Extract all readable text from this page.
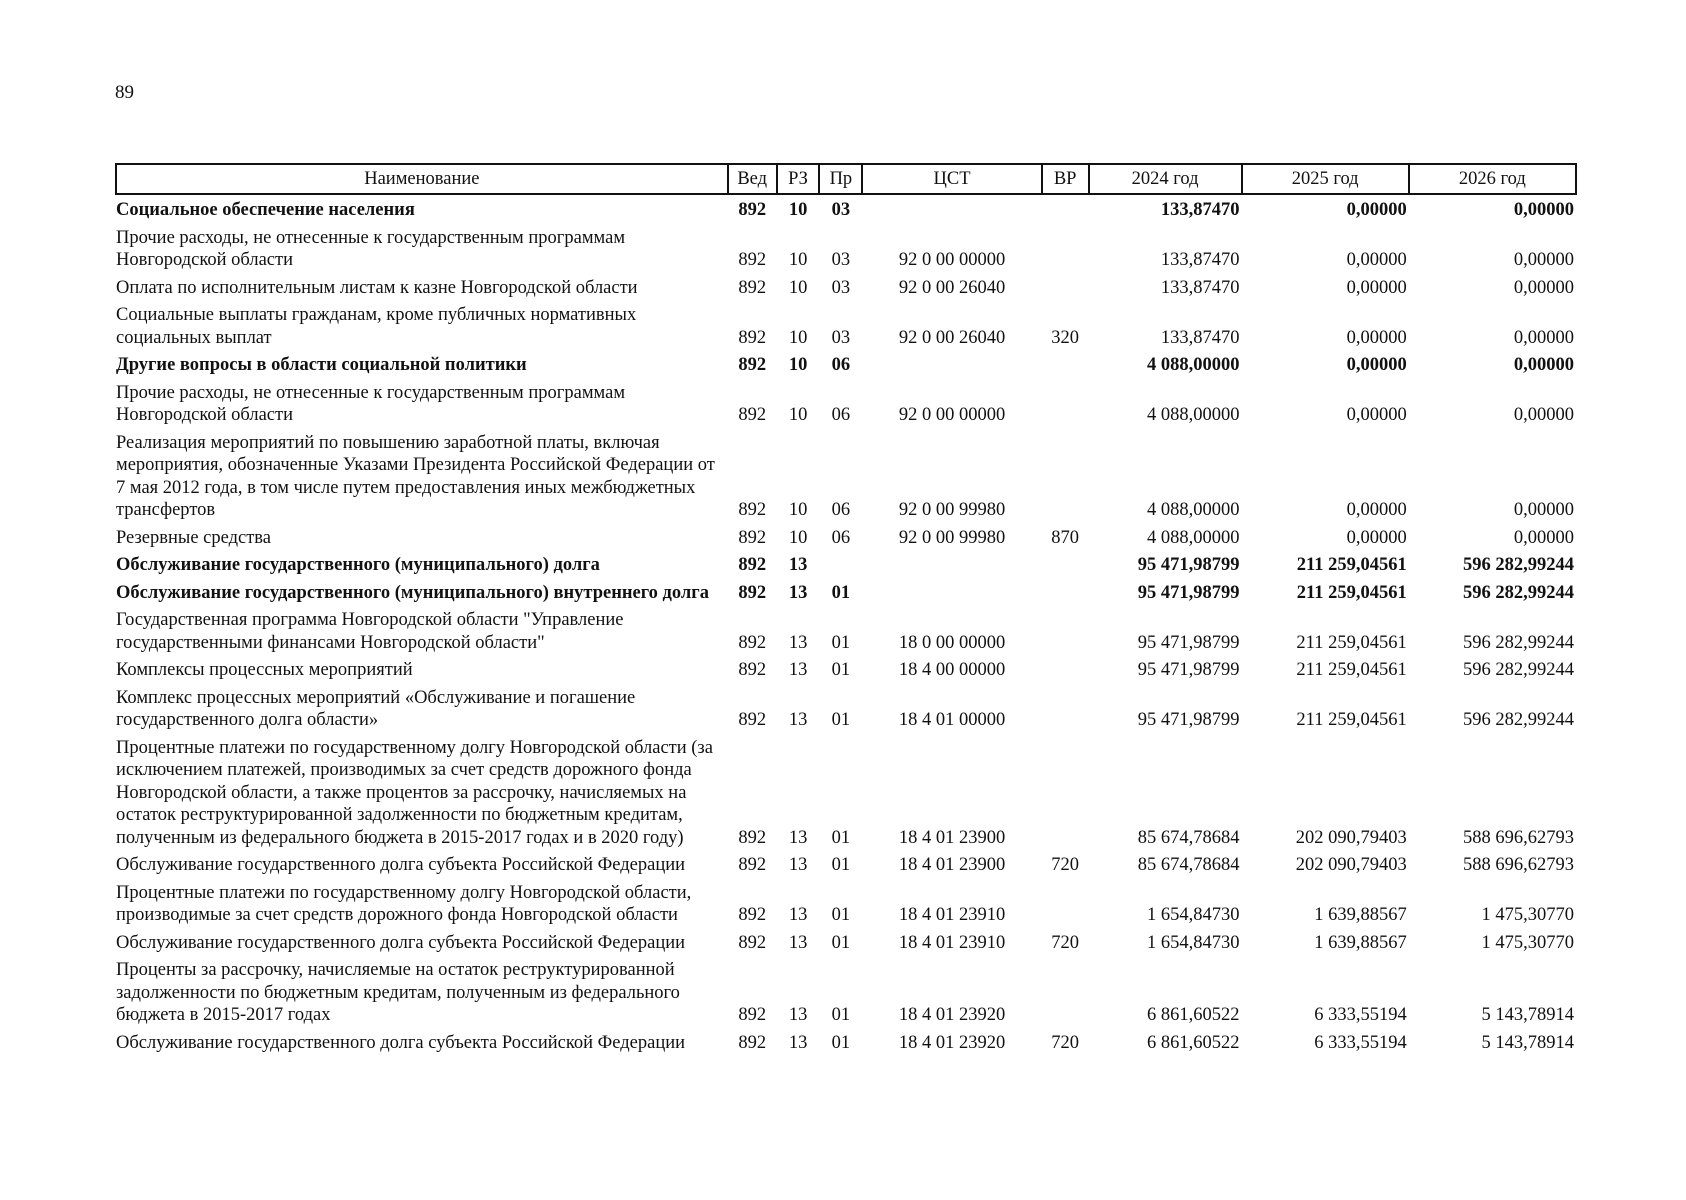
89
Наименование	Вед	РЗ	Пр	ЦСТ	ВР	2024 год	2025 год	2026 год
Социальное обеспечение населения	892	10	03			133,87470	0,00000	0,00000
Прочие расходы, не отнесенные к государственным программам Новгородской области	892	10	03	92 0 00 00000		133,87470	0,00000	0,00000
Оплата по исполнительным листам к казне Новгородской области	892	10	03	92 0 00 26040		133,87470	0,00000	0,00000
Социальные выплаты гражданам, кроме публичных нормативных социальных выплат	892	10	03	92 0 00 26040	320	133,87470	0,00000	0,00000
Другие вопросы в области социальной политики	892	10	06			4 088,00000	0,00000	0,00000
Прочие расходы, не отнесенные к государственным программам Новгородской области	892	10	06	92 0 00 00000		4 088,00000	0,00000	0,00000
Реализация мероприятий по повышению заработной платы, включая мероприятия, обозначенные Указами Президента Российской Федерации от 7 мая 2012 года, в том числе путем предоставления иных межбюджетных трансфертов	892	10	06	92 0 00 99980		4 088,00000	0,00000	0,00000
Резервные средства	892	10	06	92 0 00 99980	870	4 088,00000	0,00000	0,00000
Обслуживание государственного (муниципального) долга	892	13				95 471,98799	211 259,04561	596 282,99244
Обслуживание государственного (муниципального) внутреннего долга	892	13	01			95 471,98799	211 259,04561	596 282,99244
Государственная программа Новгородской области "Управление государственными финансами Новгородской области"	892	13	01	18 0 00 00000		95 471,98799	211 259,04561	596 282,99244
Комплексы процессных мероприятий	892	13	01	18 4 00 00000		95 471,98799	211 259,04561	596 282,99244
Комплекс процессных мероприятий «Обслуживание и погашение государственного долга области»	892	13	01	18 4 01 00000		95 471,98799	211 259,04561	596 282,99244
Процентные платежи по государственному долгу Новгородской области (за исключением платежей, производимых за счет средств дорожного фонда Новгородской области, а также процентов за рассрочку, начисляемых на остаток реструктурированной задолженности по бюджетным кредитам, полученным из федерального бюджета в 2015-2017 годах и в 2020 году)	892	13	01	18 4 01 23900		85 674,78684	202 090,79403	588 696,62793
Обслуживание государственного долга субъекта Российской Федерации	892	13	01	18 4 01 23900	720	85 674,78684	202 090,79403	588 696,62793
Процентные платежи по государственному долгу Новгородской области, производимые за счет средств дорожного фонда Новгородской области	892	13	01	18 4 01 23910		1 654,84730	1 639,88567	1 475,30770
Обслуживание государственного долга субъекта Российской Федерации	892	13	01	18 4 01 23910	720	1 654,84730	1 639,88567	1 475,30770
Проценты за рассрочку, начисляемые на остаток реструктурированной задолженности по бюджетным кредитам, полученным из федерального бюджета в 2015-2017 годах	892	13	01	18 4 01 23920		6 861,60522	6 333,55194	5 143,78914
Обслуживание государственного долга субъекта Российской Федерации	892	13	01	18 4 01 23920	720	6 861,60522	6 333,55194	5 143,78914
